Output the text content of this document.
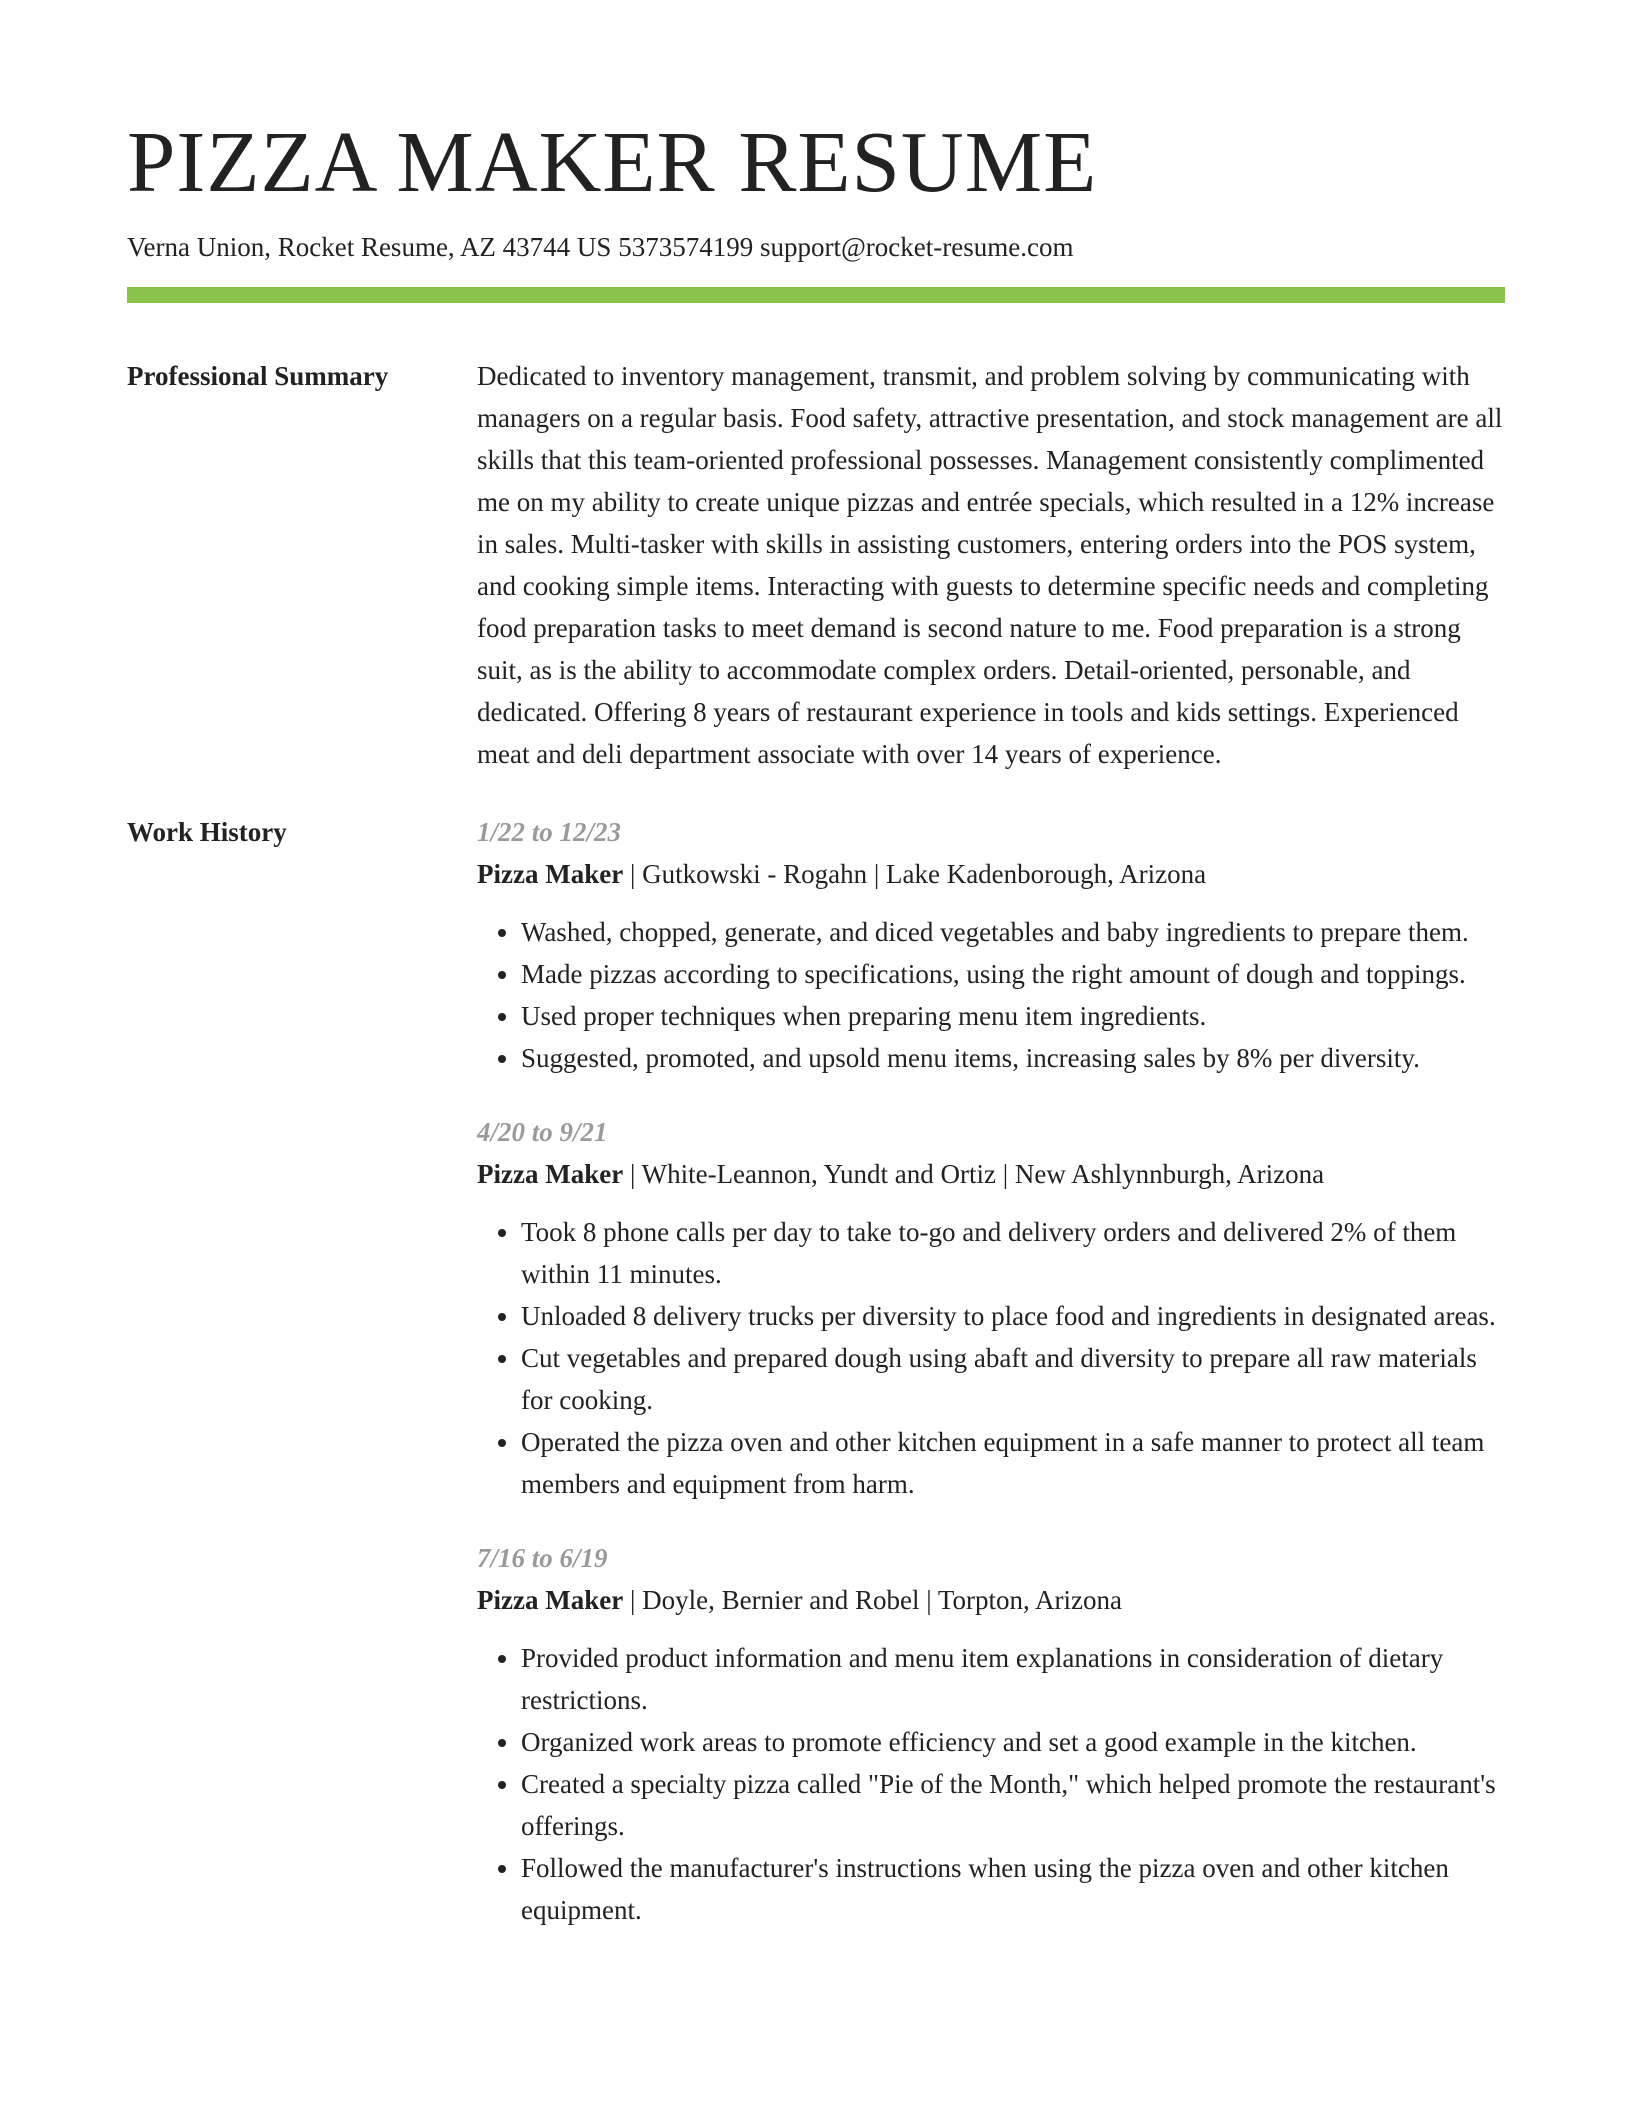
PIZZA MAKER RESUME
Verna Union, Rocket Resume, AZ 43744 US 5373574199 support@rocket-resume.com
Professional Summary	Dedicated to inventory management, transmit, and problem solving by communicating with managers on a regular basis. Food safety, attractive presentation, and stock management are all skills that this team-oriented professional possesses. Management consistently complimented me on my ability to create unique pizzas and entrée specials, which resulted in a 12% increase in sales. Multi-tasker with skills in assisting customers, entering orders into the POS system, and cooking simple items. Interacting with guests to determine specific needs and completing food preparation tasks to meet demand is second nature to me. Food preparation is a strong suit, as is the ability to accommodate complex orders. Detail-oriented, personable, and dedicated. Offering 8 years of restaurant experience in tools and kids settings. Experienced meat and deli department associate with over 14 years of experience.

Work History	1/22 to 12/23
Pizza Maker | Gutkowski - Rogahn | Lake Kadenborough, Arizona
• Washed, chopped, generate, and diced vegetables and baby ingredients to prepare them.
• Made pizzas according to specifications, using the right amount of dough and toppings.
• Used proper techniques when preparing menu item ingredients.
• Suggested, promoted, and upsold menu items, increasing sales by 8% per diversity.
4/20 to 9/21
Pizza Maker | White-Leannon, Yundt and Ortiz | New Ashlynnburgh, Arizona
• Took 8 phone calls per day to take to-go and delivery orders and delivered 2% of them within 11 minutes.
• Unloaded 8 delivery trucks per diversity to place food and ingredients in designated areas.
• Cut vegetables and prepared dough using abaft and diversity to prepare all raw materials for cooking.
• Operated the pizza oven and other kitchen equipment in a safe manner to protect all team members and equipment from harm.
7/16 to 6/19
Pizza Maker | Doyle, Bernier and Robel | Torpton, Arizona
• Provided product information and menu item explanations in consideration of dietary restrictions.
• Organized work areas to promote efficiency and set a good example in the kitchen.
• Created a specialty pizza called "Pie of the Month," which helped promote the restaurant's offerings.
• Followed the manufacturer's instructions when using the pizza oven and other kitchen equipment.
